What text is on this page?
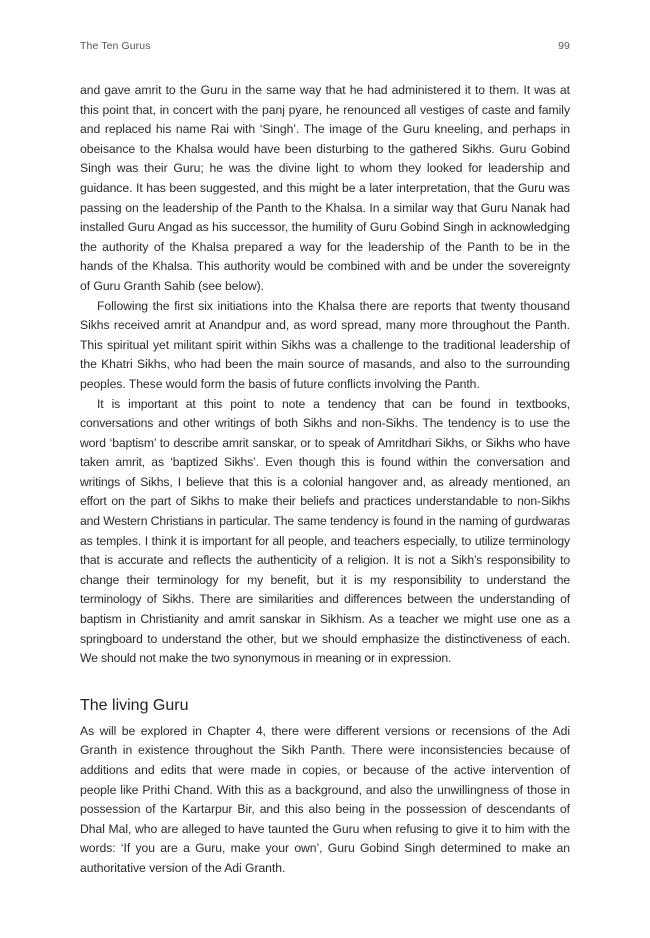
The Ten Gurus	99

and gave amrit to the Guru in the same way that he had administered it to them. It was at this point that, in concert with the panj pyare, he renounced all vestiges of caste and family and replaced his name Rai with ‘Singh’. The image of the Guru kneeling, and perhaps in obeisance to the Khalsa would have been disturbing to the gathered Sikhs. Guru Gobind Singh was their Guru; he was the divine light to whom they looked for leadership and guidance. It has been suggested, and this might be a later interpretation, that the Guru was passing on the leadership of the Panth to the Khalsa. In a similar way that Guru Nanak had installed Guru Angad as his successor, the humility of Guru Gobind Singh in acknowledging the authority of the Khalsa prepared a way for the leadership of the Panth to be in the hands of the Khalsa. This authority would be combined with and be under the sovereignty of Guru Granth Sahib (see below).

Following the first six initiations into the Khalsa there are reports that twenty thousand Sikhs received amrit at Anandpur and, as word spread, many more throughout the Panth. This spiritual yet militant spirit within Sikhs was a challenge to the traditional leadership of the Khatri Sikhs, who had been the main source of masands, and also to the surrounding peoples. These would form the basis of future conflicts involving the Panth.

It is important at this point to note a tendency that can be found in textbooks, conversations and other writings of both Sikhs and non-Sikhs. The tendency is to use the word ‘baptism’ to describe amrit sanskar, or to speak of Amritdhari Sikhs, or Sikhs who have taken amrit, as ‘baptized Sikhs’. Even though this is found within the conversation and writings of Sikhs, I believe that this is a colonial hangover and, as already mentioned, an effort on the part of Sikhs to make their beliefs and practices understandable to non-Sikhs and Western Christians in particular. The same tendency is found in the naming of gurdwaras as temples. I think it is important for all people, and teachers especially, to utilize terminology that is accurate and reflects the authenticity of a religion. It is not a Sikh’s responsibility to change their terminology for my benefit, but it is my responsibility to understand the terminology of Sikhs. There are similarities and differences between the understanding of baptism in Christianity and amrit sanskar in Sikhism. As a teacher we might use one as a springboard to understand the other, but we should emphasize the distinctiveness of each. We should not make the two synonymous in meaning or in expression.

The living Guru

As will be explored in Chapter 4, there were different versions or recensions of the Adi Granth in existence throughout the Sikh Panth. There were inconsistencies because of additions and edits that were made in copies, or because of the active intervention of people like Prithi Chand. With this as a background, and also the unwillingness of those in possession of the Kartarpur Bir, and this also being in the possession of descendants of Dhal Mal, who are alleged to have taunted the Guru when refusing to give it to him with the words: ‘If you are a Guru, make your own’, Guru Gobind Singh determined to make an authoritative version of the Adi Granth.
